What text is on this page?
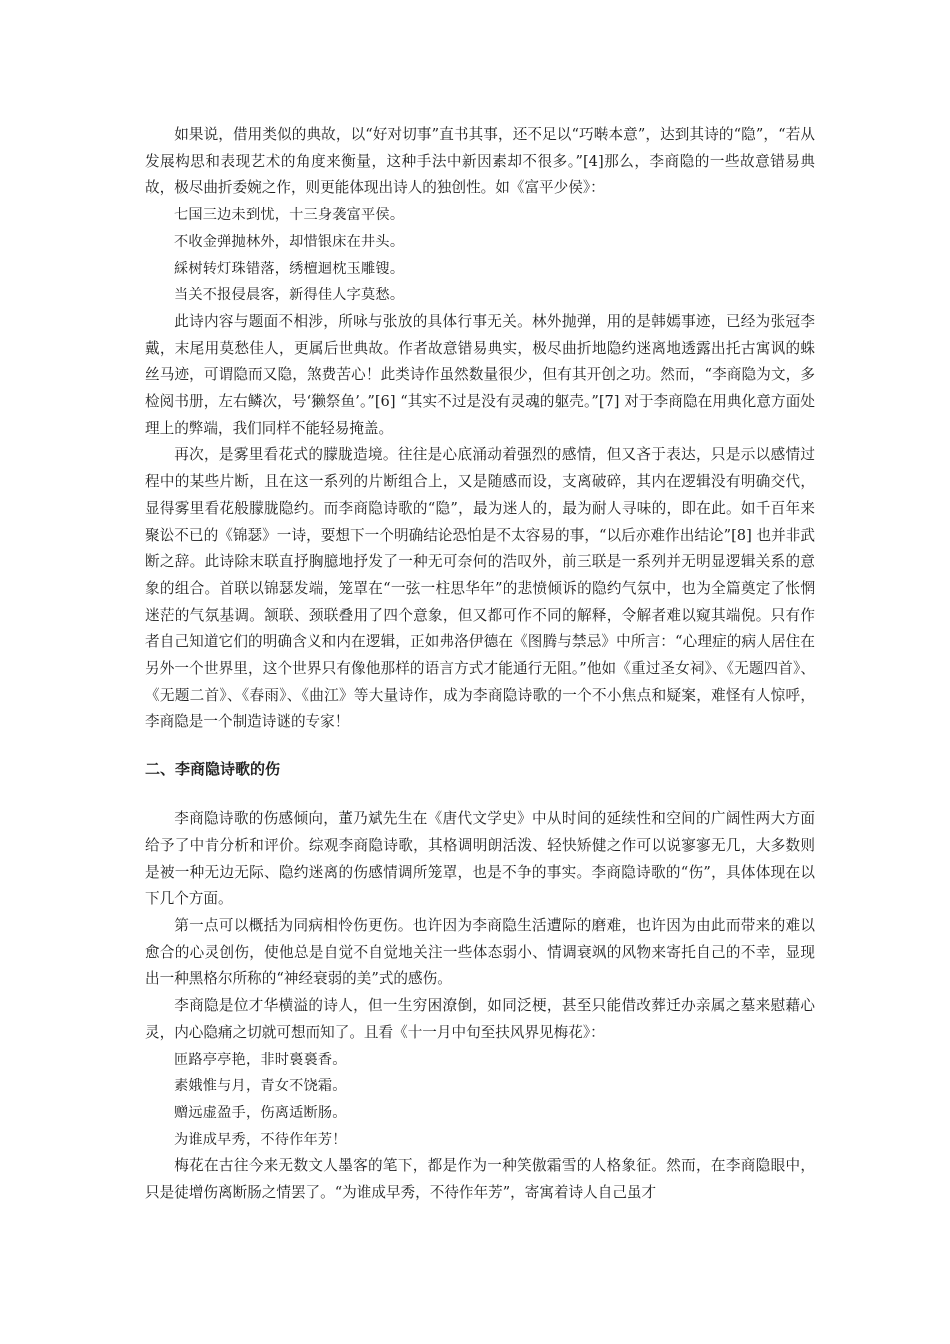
如果说，借用类似的典故，以“好对切事”直书其事，还不足以“巧啭本意”，达到其诗的“隐”，“若从发展构思和表现艺术的角度来衡量，这种手法中新因素却不很多。”[4]那么，李商隐的一些故意错易典故，极尽曲折委婉之作，则更能体现出诗人的独创性。如《富平少侯》：

七国三边未到忧，十三身袭富平侯。
不收金弹抛林外，却惜银床在井头。
綵树转灯珠错落，绣檀迴枕玉雕锼。
当关不报侵晨客，新得佳人字莫愁。

此诗内容与题面不相涉，所咏与张放的具体行事无关。林外抛弹，用的是韩嫣事迹，已经为张冠李戴，末尾用莫愁佳人，更属后世典故。作者故意错易典实，极尽曲折地隐约迷离地透露出托古寓讽的蛛丝马迹，可谓隐而又隐，煞费苦心！此类诗作虽然数量很少，但有其开创之功。然而，“李商隐为文，多检阅书册，左右鳞次，号‘獭祭鱼’。”[6] “其实不过是没有灵魂的躯壳。”[7] 对于李商隐在用典化意方面处理上的弊端，我们同样不能轻易掩盖。

再次，是雾里看花式的朦胧造境。往往是心底涌动着强烈的感情，但又吝于表达，只是示以感情过程中的某些片断，且在这一系列的片断组合上，又是随感而设，支离破碎，其内在逻辑没有明确交代，显得雾里看花般朦胧隐约。而李商隐诗歌的“隐”，最为迷人的，最为耐人寻味的，即在此。如千百年来聚讼不已的《锦瑟》一诗，要想下一个明确结论恐怕是不太容易的事，“以后亦难作出结论”[8] 也并非武断之辞。此诗除末联直抒胸臆地抒发了一种无可奈何的浩叹外，前三联是一系列并无明显逻辑关系的意象的组合。首联以锦瑟发端，笼罩在“一弦一柱思华年”的悲愤倾诉的隐约气氛中，也为全篇奠定了怅惘迷茫的气氛基调。颔联、颈联叠用了四个意象，但又都可作不同的解释，令解者难以窥其端倪。只有作者自己知道它们的明确含义和内在逻辑，正如弗洛伊德在《图腾与禁忌》中所言：“心理症的病人居住在另外一个世界里，这个世界只有像他那样的语言方式才能通行无阻。”他如《重过圣女祠》、《无题四首》、《无题二首》、《春雨》、《曲江》等大量诗作，成为李商隐诗歌的一个不小焦点和疑案，难怪有人惊呼，李商隐是一个制造诗谜的专家！

二、李商隐诗歌的伤

李商隐诗歌的伤感倾向，董乃斌先生在《唐代文学史》中从时间的延续性和空间的广阔性两大方面给予了中肯分析和评价。综观李商隐诗歌，其格调明朗活泼、轻快矫健之作可以说寥寥无几，大多数则是被一种无边无际、隐约迷离的伤感情调所笼罩，也是不争的事实。李商隐诗歌的“伤”，具体体现在以下几个方面。

第一点可以概括为同病相怜伤更伤。也许因为李商隐生活遭际的磨难，也许因为由此而带来的难以愈合的心灵创伤，使他总是自觉不自觉地关注一些体态弱小、情调衰飒的风物来寄托自己的不幸，显现出一种黑格尔所称的“神经衰弱的美”式的感伤。

李商隐是位才华横溢的诗人，但一生穷困潦倒，如同泛梗，甚至只能借改葬迁办亲属之墓来慰藉心灵，内心隐痛之切就可想而知了。且看《十一月中旬至扶风界见梅花》：

匝路亭亭艳，非时裛裛香。
素娥惟与月，青女不饶霜。
赠远虚盈手，伤离适断肠。
为谁成早秀，不待作年芳！

梅花在古往今来无数文人墨客的笔下，都是作为一种笑傲霜雪的人格象征。然而，在李商隐眼中，只是徒增伤离断肠之情罢了。“为谁成早秀，不待作年芳”，寄寓着诗人自己虽才
